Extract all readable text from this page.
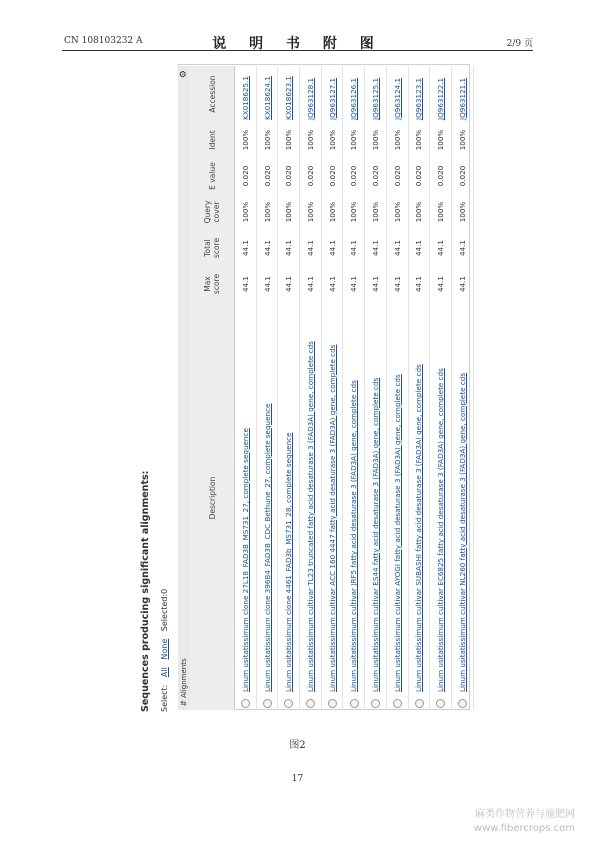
CN 108103232 A	说 明 书 附 图	2/9 页
Sequences producing significant alignments: Select: All None Selected:0
⇵ Alignments
⚙
	Description	Max score	Total score	Query cover	E value	Ident	Accession
	Linum usitatissimum clone 27L18_FAD3B_MS731_27, complete sequence	44.1	44.1	100%	0.020	100%	KX018625.1
	Linum usitatissimum clone 396B4_FAD3B_CDC Bethune_27, complete sequence	44.1	44.1	100%	0.020	100%	KX018624.1
	Linum usitatissimum clone 4461_FAD3b_MS731_28, complete sequence	44.1	44.1	100%	0.020	100%	KX018623.1
	Linum usitatissimum cultivar TL23 truncated fatty acid desaturase 3 (FAD3A) gene, complete cds	44.1	44.1	100%	0.020	100%	JQ963128.1
	Linum usitatissimum cultivar ACC 160 4447 fatty acid desaturase 3 (FAD3A) gene, complete cds	44.1	44.1	100%	0.020	100%	JQ963127.1
	Linum usitatissimum cultivar JRF5 fatty acid desaturase 3 (FAD3A) gene, complete cds	44.1	44.1	100%	0.020	100%	JQ963126.1
	Linum usitatissimum cultivar ES44 fatty acid desaturase 3 (FAD3A) gene, complete cds	44.1	44.1	100%	0.020	100%	JQ963125.1
	Linum usitatissimum cultivar AYOGI fatty acid desaturase 3 (FAD3A) gene, complete cds	44.1	44.1	100%	0.020	100%	JQ963124.1
	Linum usitatissimum cultivar SUBASHI fatty acid desaturase 3 (FAD3A) gene, complete cds	44.1	44.1	100%	0.020	100%	JQ963123.1
	Linum usitatissimum cultivar EC6825 fatty acid desaturase 3 (FAD3A) gene, complete cds	44.1	44.1	100%	0.020	100%	JQ963122.1
	Linum usitatissimum cultivar NL260 fatty acid desaturase 3 (FAD3A) gene, complete cds	44.1	44.1	100%	0.020	100%	JQ963121.1
图2
17
麻类作物营养与施肥网
www.fibercrops.com
